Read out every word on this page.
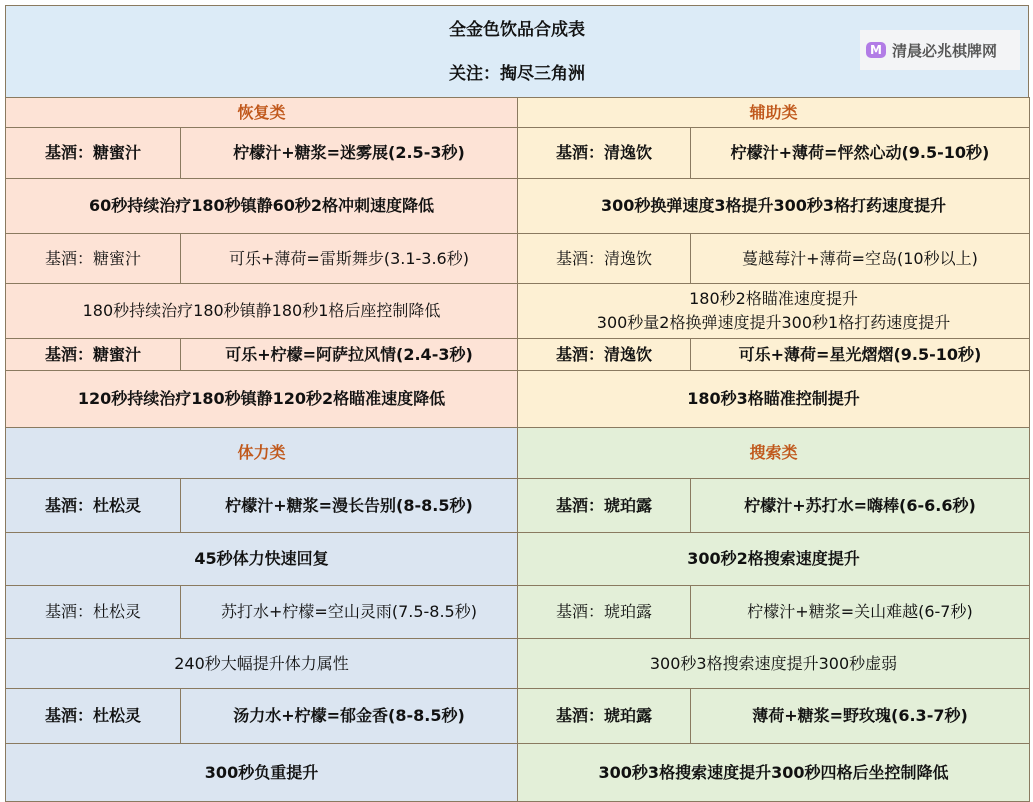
全金色饮品合成表
关注：掏尽三角洲
恢复类
基酒：糖蜜汁	柠檬汁+糖浆=迷雾展(2.5-3秒)
60秒持续治疗180秒镇静60秒2格冲刺速度降低
基酒：糖蜜汁	可乐+薄荷=雷斯舞步(3.1-3.6秒)
180秒持续治疗180秒镇静180秒1格后座控制降低
基酒：糖蜜汁	可乐+柠檬=阿萨拉风情(2.4-3秒)
120秒持续治疗180秒镇静120秒2格瞄准速度降低
辅助类
基酒：清逸饮	柠檬汁+薄荷=怦然心动(9.5-10秒)
300秒换弹速度3格提升300秒3格打药速度提升
基酒：清逸饮	蔓越莓汁+薄荷=空岛(10秒以上)
180秒2格瞄准速度提升
300秒量2格换弹速度提升300秒1格打药速度提升
基酒：清逸饮	可乐+薄荷=星光熠熠(9.5-10秒)
180秒3格瞄准控制提升
体力类
基酒：杜松灵	柠檬汁+糖浆=漫长告别(8-8.5秒)
45秒体力快速回复
基酒：杜松灵	苏打水+柠檬=空山灵雨(7.5-8.5秒)
240秒大幅提升体力属性
基酒：杜松灵	汤力水+柠檬=郁金香(8-8.5秒)
300秒负重提升
搜索类
基酒：琥珀露	柠檬汁+苏打水=嗨棒(6-6.6秒)
300秒2格搜索速度提升
基酒：琥珀露	柠檬汁+糖浆=关山难越(6-7秒)
300秒3格搜索速度提升300秒虚弱
基酒：琥珀露	薄荷+糖浆=野玫瑰(6.3-7秒)
300秒3格搜索速度提升300秒四格后坐控制降低
M 清晨必兆棋牌网
